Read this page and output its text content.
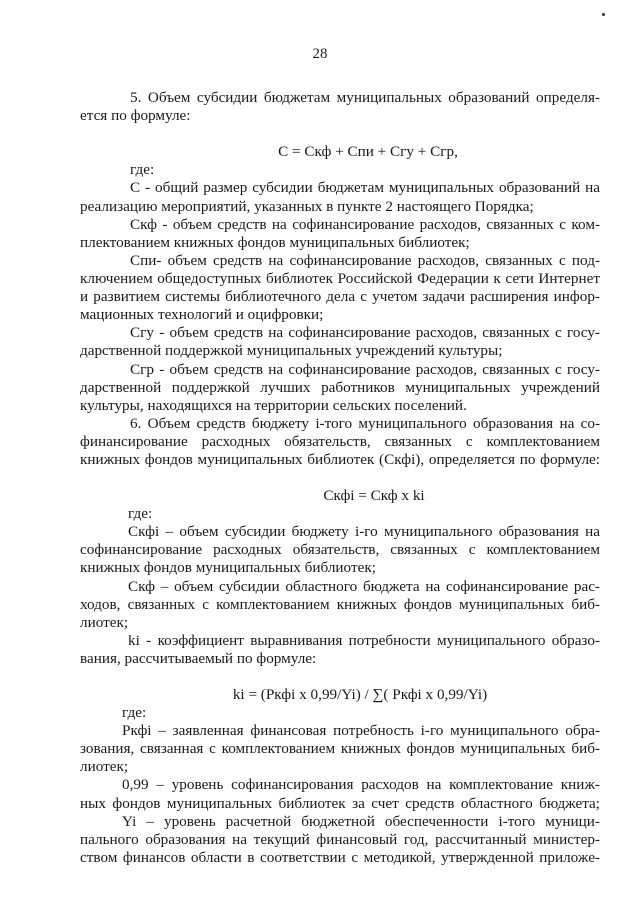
28
5. Объем субсидии бюджетам муниципальных образований определя-
ется по формуле:
С = Скф + Спи + Сгу + Сгр,
где:
С - общий размер субсидии бюджетам муниципальных образований на
реализацию мероприятий, указанных в пункте 2 настоящего Порядка;
Скф - объем средств на софинансирование расходов, связанных с ком-
плектованием книжных фондов муниципальных библиотек;
Спи- объем средств на софинансирование расходов, связанных с под-
ключением общедоступных библиотек Российской Федерации к сети Интернет
и развитием системы библиотечного дела с учетом задачи расширения инфор-
мационных технологий и оцифровки;
Сгу - объем средств на софинансирование расходов, связанных с госу-
дарственной поддержкой муниципальных учреждений культуры;
Сгр - объем средств на софинансирование расходов, связанных с госу-
дарственной поддержкой лучших работников муниципальных учреждений
культуры, находящихся на территории сельских поселений.
6. Объем средств бюджету i-того муниципального образования на со-
финансирование расходных обязательств, связанных с комплектованием
книжных фондов муниципальных библиотек (Скфi), определяется по формуле:
Скфi = Скф x ki
где:
Скфi – объем субсидии бюджету i-го муниципального образования на
софинансирование расходных обязательств, связанных с комплектованием
книжных фондов муниципальных библиотек;
Скф – объем субсидии областного бюджета на софинансирование рас-
ходов, связанных с комплектованием книжных фондов муниципальных биб-
лиотек;
ki - коэффициент выравнивания потребности муниципального образо-
вания, рассчитываемый по формуле:
ki = (Ркфi x 0,99/Yi) / ∑( Ркфi x 0,99/Yi)
где:
Ркфi – заявленная финансовая потребность i-го муниципального обра-
зования, связанная с комплектованием книжных фондов муниципальных биб-
лиотек;
0,99 – уровень софинансирования расходов на комплектование книж-
ных фондов муниципальных библиотек за счет средств областного бюджета;
Yi – уровень расчетной бюджетной обеспеченности i-того муници-
пального образования на текущий финансовый год, рассчитанный министер-
ством финансов области в соответствии с методикой, утвержденной приложе-
